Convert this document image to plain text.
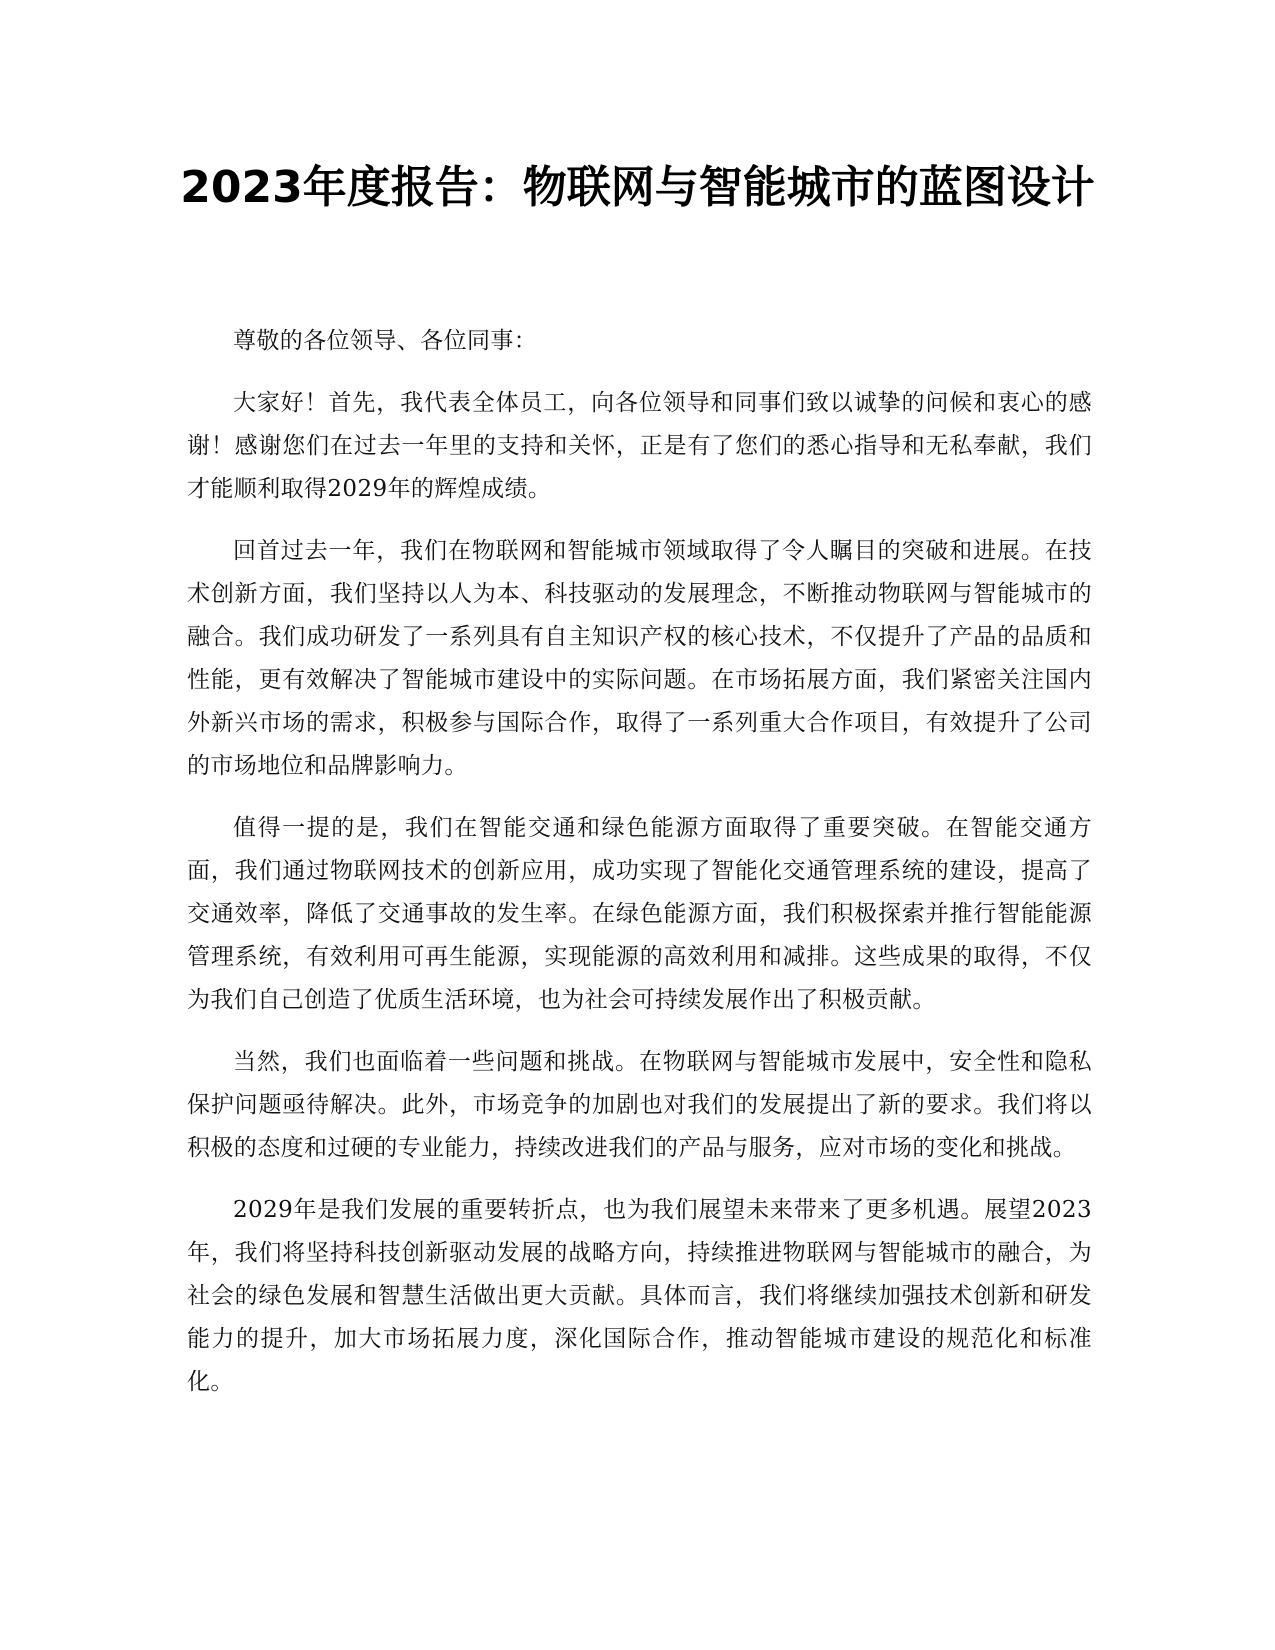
2023年度报告：物联网与智能城市的蓝图设计

尊敬的各位领导、各位同事：

大家好！首先，我代表全体员工，向各位领导和同事们致以诚挚的问候和衷心的感谢！感谢您们在过去一年里的支持和关怀，正是有了您们的悉心指导和无私奉献，我们才能顺利取得2029年的辉煌成绩。

回首过去一年，我们在物联网和智能城市领域取得了令人瞩目的突破和进展。在技术创新方面，我们坚持以人为本、科技驱动的发展理念，不断推动物联网与智能城市的融合。我们成功研发了一系列具有自主知识产权的核心技术，不仅提升了产品的品质和性能，更有效解决了智能城市建设中的实际问题。在市场拓展方面，我们紧密关注国内外新兴市场的需求，积极参与国际合作，取得了一系列重大合作项目，有效提升了公司的市场地位和品牌影响力。

值得一提的是，我们在智能交通和绿色能源方面取得了重要突破。在智能交通方面，我们通过物联网技术的创新应用，成功实现了智能化交通管理系统的建设，提高了交通效率，降低了交通事故的发生率。在绿色能源方面，我们积极探索并推行智能能源管理系统，有效利用可再生能源，实现能源的高效利用和减排。这些成果的取得，不仅为我们自己创造了优质生活环境，也为社会可持续发展作出了积极贡献。

当然，我们也面临着一些问题和挑战。在物联网与智能城市发展中，安全性和隐私保护问题亟待解决。此外，市场竞争的加剧也对我们的发展提出了新的要求。我们将以积极的态度和过硬的专业能力，持续改进我们的产品与服务，应对市场的变化和挑战。

2029年是我们发展的重要转折点，也为我们展望未来带来了更多机遇。展望2023年，我们将坚持科技创新驱动发展的战略方向，持续推进物联网与智能城市的融合，为社会的绿色发展和智慧生活做出更大贡献。具体而言，我们将继续加强技术创新和研发能力的提升，加大市场拓展力度，深化国际合作，推动智能城市建设的规范化和标准化。
